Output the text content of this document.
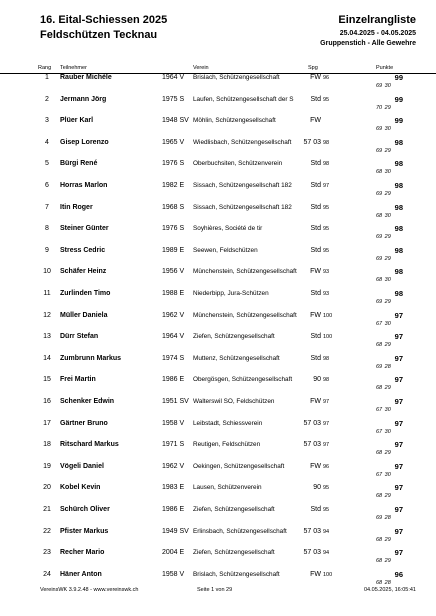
16. Eital-Schiessen 2025
Feldschützen Tecknau
Einzelrangliste
25.04.2025 - 04.05.2025
Gruppenstich - Alle Gewehre
Rang Teilnehmer	Verein	Spg	Punkte
1	Rauber Michèle	1964 V Brislach, Schützengesellschaft	FW 96	99
69 30
2	Jermann Jörg	1975 S Laufen, Schützengesellschaft der S	Std 95	99
70 29
3	Plüer Karl	1948 SV Möhlin, Schützengesellschaft	FW	99
69 30
4	Gisep Lorenzo	1965 V Wiedlisbach, Schützengesellschaft	57 03 98	98
69 29
5	Bürgi René	1976 S Oberbuchsiten, Schützenverein	Std 98	98
68 30
6	Horras Marlon	1982 E Sissach, Schützengesellschaft 182	Std 97	98
69 29
7	Itin Roger	1968 S Sissach, Schützengesellschaft 182	Std 95	98
68 30
8	Steiner Günter	1976 S Soyhières, Société de tir	Std 95	98
69 29
9	Stress Cedric	1989 E Seewen, Feldschützen	Std 95	98
69 29
10	Schäfer Heinz	1956 V Münchenstein, Schützengesellschaft	FW 93	98
68 30
11	Zurlinden Timo	1988 E Niederbipp, Jura-Schützen	Std 93	98
69 29
12	Müller Daniela	1962 V Münchenstein, Schützengesellschaft	FW 100	97
67 30
13	Dürr Stefan	1964 V Ziefen, Schützengesellschaft	Std 100	97
68 29
14	Zumbrunn Markus	1974 S Muttenz, Schützengesellschaft	Std 98	97
69 28
15	Frei Martin	1986 E Obergösgen, Schützengesellschaft	90 98	97
68 29
16	Schenker Edwin	1951 SV Walterswil SO, Feldschützen	FW 97	97
67 30
17	Gärtner Bruno	1958 V Leibstadt, Schiessverein	57 03 97	97
67 30
18	Ritschard Markus	1971 S Reutigen, Feldschützen	57 03 97	97
68 29
19	Vögeli Daniel	1962 V Oekingen, Schützengesellschaft	FW 96	97
67 30
20	Kobel Kevin	1983 E Lausen, Schützenverein	90 95	97
68 29
21	Schürch Oliver	1986 E Ziefen, Schützengesellschaft	Std 95	97
69 28
22	Pfister Markus	1949 SV Erlinsbach, Schützengesellschaft	57 03 94	97
68 29
23	Recher Mario	2004 E Ziefen, Schützengesellschaft	57 03 94	97
68 29
24	Häner Anton	1958 V Brislach, Schützengesellschaft	FW 100	96
68 28
VereinsWK 3.9.2.48 - www.vereinswk.ch	Seite 1 von 29	04.05.2025, 16:05:41
